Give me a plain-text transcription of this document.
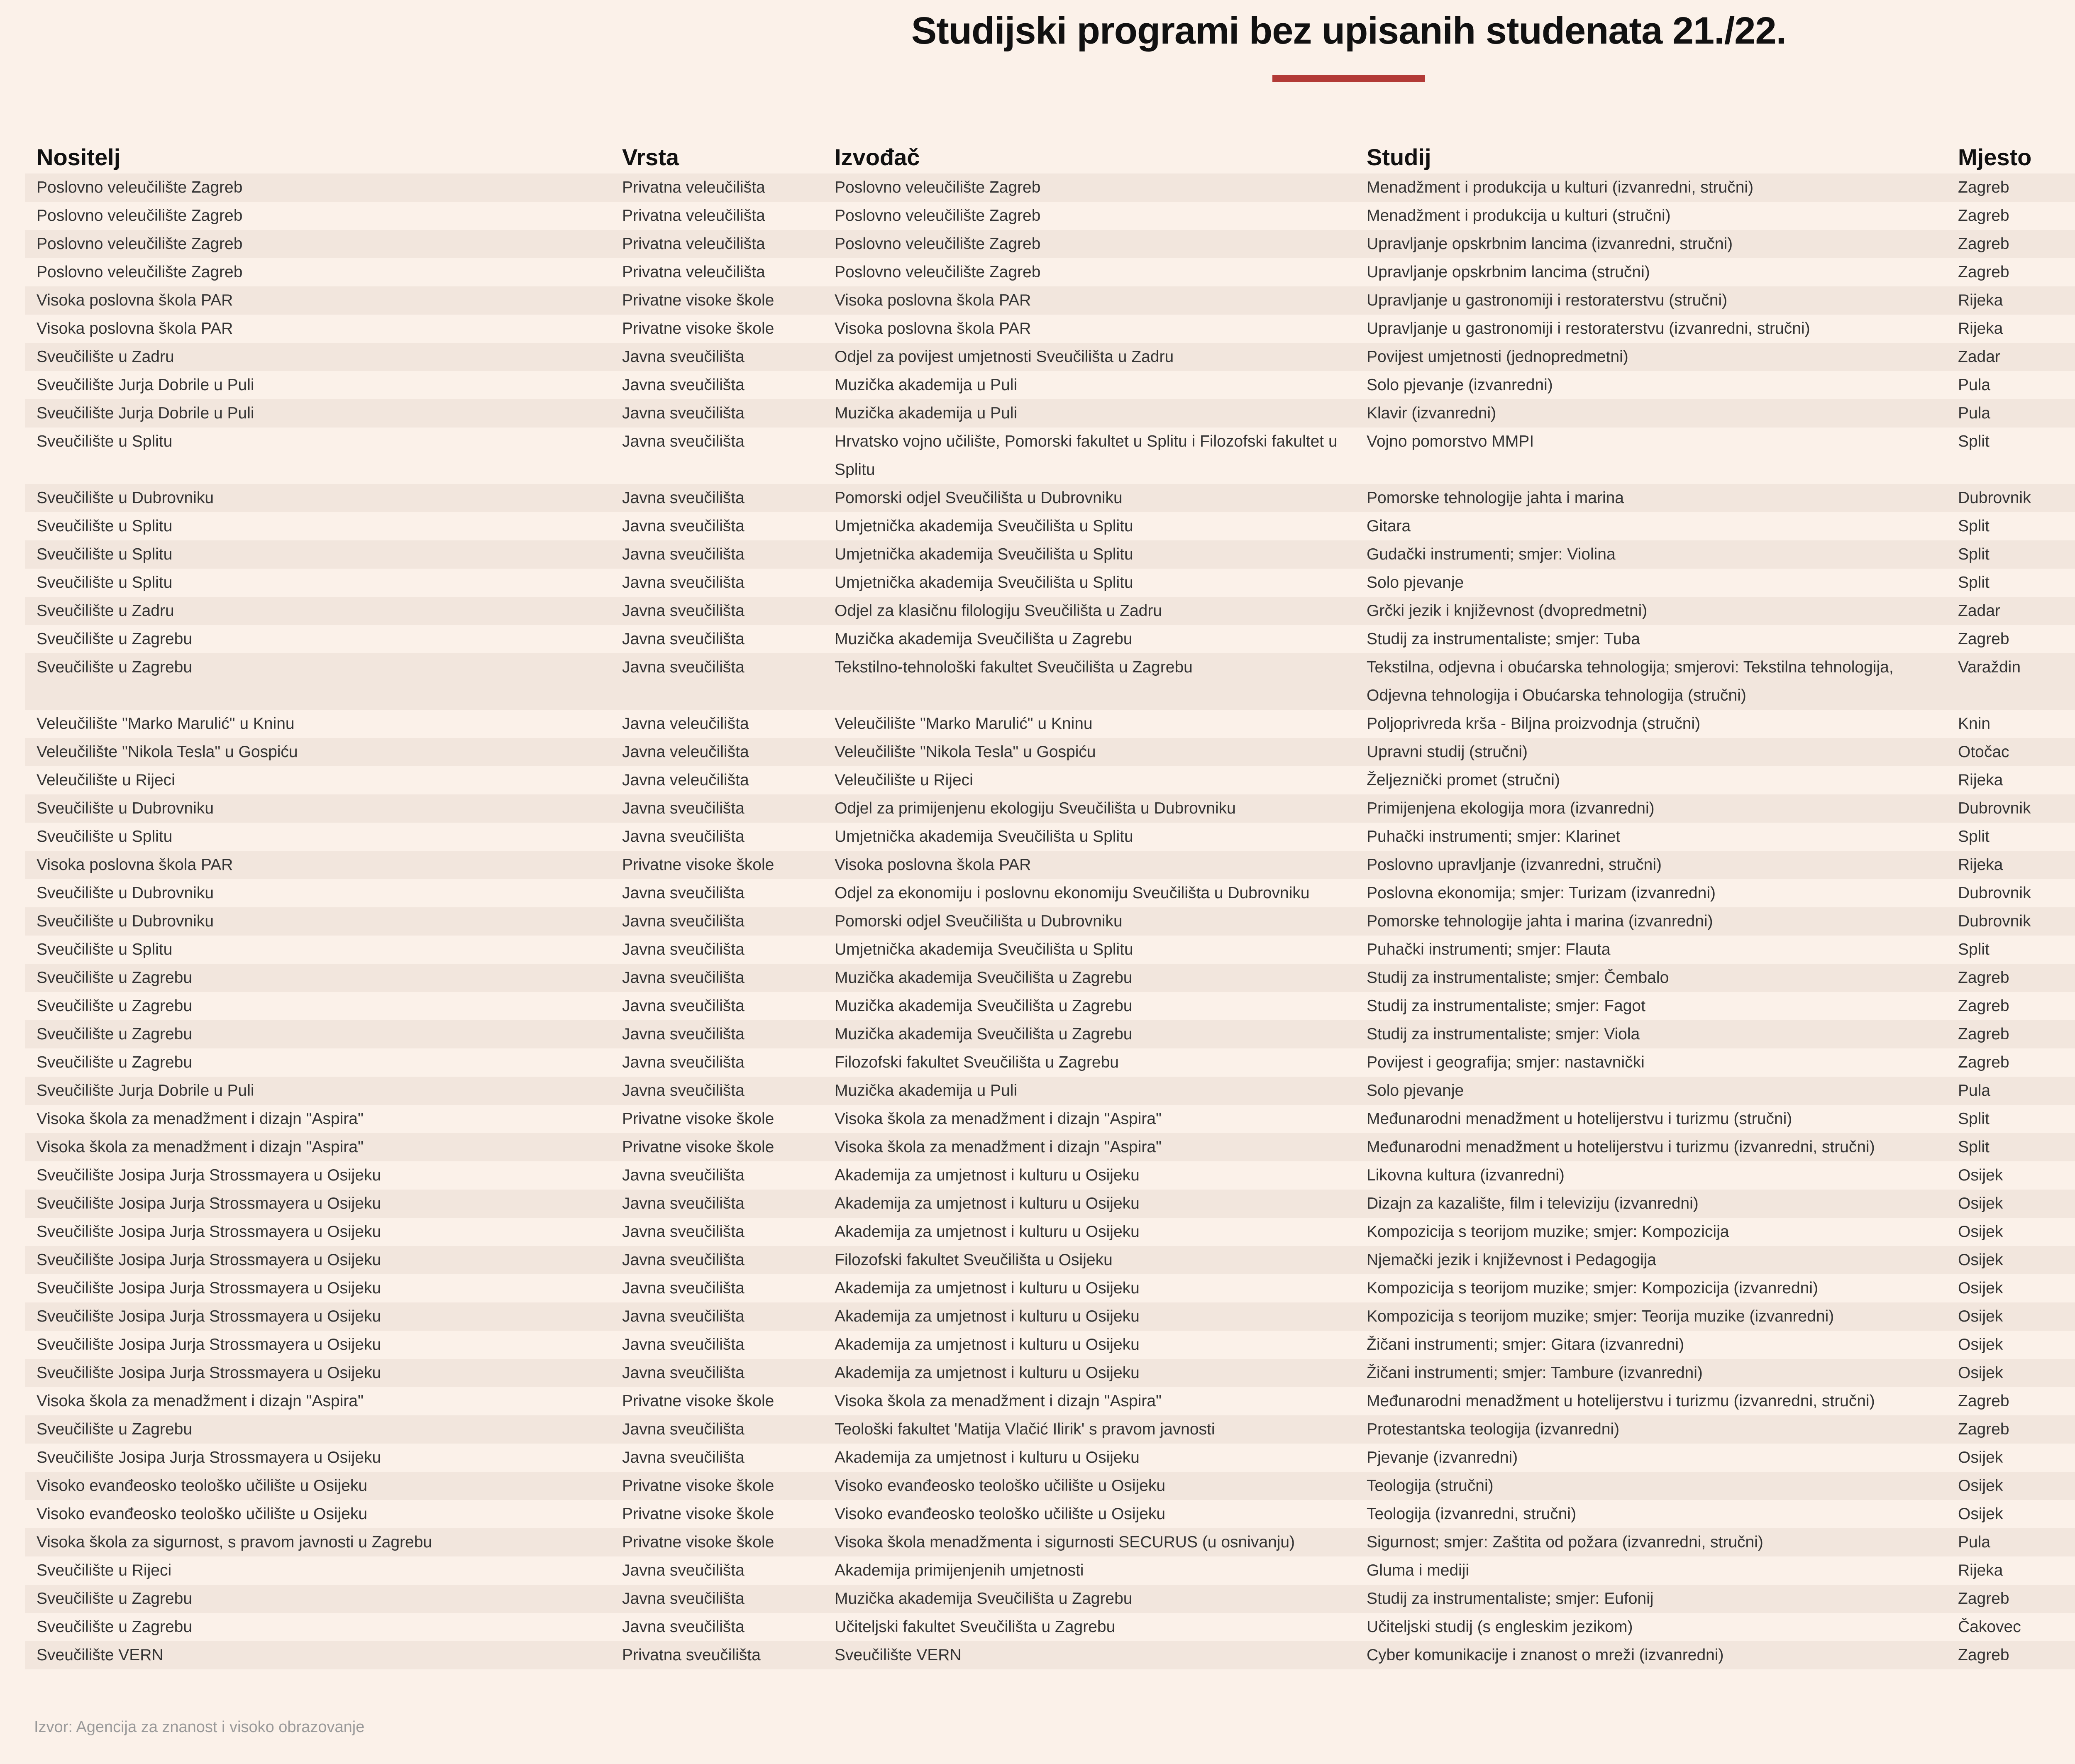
Studijski programi bez upisanih studenata 21./22.
Nositelj	Vrsta	Izvođač	Studij	Mjesto	

Poslovno veleučilište Zagreb	Privatna veleučilišta	Poslovno veleučilište Zagreb	Menadžment i produkcija u kulturi (izvanredni, stručni)	Zagreb				
Poslovno veleučilište Zagreb	Privatna veleučilišta	Poslovno veleučilište Zagreb	Menadžment i produkcija u kulturi (stručni)	Zagreb				
Poslovno veleučilište Zagreb	Privatna veleučilišta	Poslovno veleučilište Zagreb	Upravljanje opskrbnim lancima (izvanredni, stručni)	Zagreb				
Poslovno veleučilište Zagreb	Privatna veleučilišta	Poslovno veleučilište Zagreb	Upravljanje opskrbnim lancima (stručni)	Zagreb				
Visoka poslovna škola PAR	Privatne visoke škole	Visoka poslovna škola PAR	Upravljanje u gastronomiji i restoraterstvu (stručni)	Rijeka				
Visoka poslovna škola PAR	Privatne visoke škole	Visoka poslovna škola PAR	Upravljanje u gastronomiji i restoraterstvu (izvanredni, stručni)	Rijeka				
Sveučilište u Zadru	Javna sveučilišta	Odjel za povijest umjetnosti Sveučilišta u Zadru	Povijest umjetnosti (jednopredmetni)	Zadar				
Sveučilište Jurja Dobrile u Puli	Javna sveučilišta	Muzička akademija u Puli	Solo pjevanje (izvanredni)	Pula				
Sveučilište Jurja Dobrile u Puli	Javna sveučilišta	Muzička akademija u Puli	Klavir (izvanredni)	Pula				
Sveučilište u Splitu	Javna sveučilišta	Hrvatsko vojno učilište, Pomorski fakultet u Splitu i Filozofski fakultet u Splitu	Vojno pomorstvo MMPI	Split				
Sveučilište u Dubrovniku	Javna sveučilišta	Pomorski odjel Sveučilišta u Dubrovniku	Pomorske tehnologije jahta i marina	Dubrovnik				
Sveučilište u Splitu	Javna sveučilišta	Umjetnička akademija Sveučilišta u Splitu	Gitara	Split				
Sveučilište u Splitu	Javna sveučilišta	Umjetnička akademija Sveučilišta u Splitu	Gudački instrumenti; smjer: Violina	Split				
Sveučilište u Splitu	Javna sveučilišta	Umjetnička akademija Sveučilišta u Splitu	Solo pjevanje	Split				
Sveučilište u Zadru	Javna sveučilišta	Odjel za klasičnu filologiju Sveučilišta u Zadru	Grčki jezik i književnost (dvopredmetni)	Zadar				
Sveučilište u Zagrebu	Javna sveučilišta	Muzička akademija Sveučilišta u Zagrebu	Studij za instrumentaliste; smjer: Tuba	Zagreb				
Sveučilište u Zagrebu	Javna sveučilišta	Tekstilno-tehnološki fakultet Sveučilišta u Zagrebu	Tekstilna, odjevna i obućarska tehnologija; smjerovi: Tekstilna tehnologija, Odjevna tehnologija i Obućarska tehnologija (stručni)	Varaždin				
Veleučilište "Marko Marulić" u Kninu	Javna veleučilišta	Veleučilište "Marko Marulić" u Kninu	Poljoprivreda krša - Biljna proizvodnja (stručni)	Knin				
Veleučilište "Nikola Tesla" u Gospiću	Javna veleučilišta	Veleučilište "Nikola Tesla" u Gospiću	Upravni studij (stručni)	Otočac				
Veleučilište u Rijeci	Javna veleučilišta	Veleučilište u Rijeci	Željeznički promet (stručni)	Rijeka				
Sveučilište u Dubrovniku	Javna sveučilišta	Odjel za primijenjenu ekologiju Sveučilišta u Dubrovniku	Primijenjena ekologija mora (izvanredni)	Dubrovnik				
Sveučilište u Splitu	Javna sveučilišta	Umjetnička akademija Sveučilišta u Splitu	Puhački instrumenti; smjer: Klarinet	Split				
Visoka poslovna škola PAR	Privatne visoke škole	Visoka poslovna škola PAR	Poslovno upravljanje (izvanredni, stručni)	Rijeka				
Sveučilište u Dubrovniku	Javna sveučilišta	Odjel za ekonomiju i poslovnu ekonomiju Sveučilišta u Dubrovniku	Poslovna ekonomija; smjer: Turizam (izvanredni)	Dubrovnik				
Sveučilište u Dubrovniku	Javna sveučilišta	Pomorski odjel Sveučilišta u Dubrovniku	Pomorske tehnologije jahta i marina (izvanredni)	Dubrovnik				
Sveučilište u Splitu	Javna sveučilišta	Umjetnička akademija Sveučilišta u Splitu	Puhački instrumenti; smjer: Flauta	Split				
Sveučilište u Zagrebu	Javna sveučilišta	Muzička akademija Sveučilišta u Zagrebu	Studij za instrumentaliste; smjer: Čembalo	Zagreb				
Sveučilište u Zagrebu	Javna sveučilišta	Muzička akademija Sveučilišta u Zagrebu	Studij za instrumentaliste; smjer: Fagot	Zagreb				
Sveučilište u Zagrebu	Javna sveučilišta	Muzička akademija Sveučilišta u Zagrebu	Studij za instrumentaliste; smjer: Viola	Zagreb				
Sveučilište u Zagrebu	Javna sveučilišta	Filozofski fakultet Sveučilišta u Zagrebu	Povijest i geografija; smjer: nastavnički	Zagreb				
Sveučilište Jurja Dobrile u Puli	Javna sveučilišta	Muzička akademija u Puli	Solo pjevanje	Pula				
Visoka škola za menadžment i dizajn "Aspira"	Privatne visoke škole	Visoka škola za menadžment i dizajn "Aspira"	Međunarodni menadžment u hotelijerstvu i turizmu (stručni)	Split				
Visoka škola za menadžment i dizajn "Aspira"	Privatne visoke škole	Visoka škola za menadžment i dizajn "Aspira"	Međunarodni menadžment u hotelijerstvu i turizmu (izvanredni, stručni)	Split				
Sveučilište Josipa Jurja Strossmayera u Osijeku	Javna sveučilišta	Akademija za umjetnost i kulturu u Osijeku	Likovna kultura (izvanredni)	Osijek				
Sveučilište Josipa Jurja Strossmayera u Osijeku	Javna sveučilišta	Akademija za umjetnost i kulturu u Osijeku	Dizajn za kazalište, film i televiziju (izvanredni)	Osijek				
Sveučilište Josipa Jurja Strossmayera u Osijeku	Javna sveučilišta	Akademija za umjetnost i kulturu u Osijeku	Kompozicija s teorijom muzike; smjer: Kompozicija	Osijek				
Sveučilište Josipa Jurja Strossmayera u Osijeku	Javna sveučilišta	Filozofski fakultet Sveučilišta u Osijeku	Njemački jezik i književnost i Pedagogija	Osijek				
Sveučilište Josipa Jurja Strossmayera u Osijeku	Javna sveučilišta	Akademija za umjetnost i kulturu u Osijeku	Kompozicija s teorijom muzike; smjer: Kompozicija (izvanredni)	Osijek				
Sveučilište Josipa Jurja Strossmayera u Osijeku	Javna sveučilišta	Akademija za umjetnost i kulturu u Osijeku	Kompozicija s teorijom muzike; smjer: Teorija muzike (izvanredni)	Osijek				
Sveučilište Josipa Jurja Strossmayera u Osijeku	Javna sveučilišta	Akademija za umjetnost i kulturu u Osijeku	Žičani instrumenti; smjer: Gitara (izvanredni)	Osijek				
Sveučilište Josipa Jurja Strossmayera u Osijeku	Javna sveučilišta	Akademija za umjetnost i kulturu u Osijeku	Žičani instrumenti; smjer: Tambure (izvanredni)	Osijek				
Visoka škola za menadžment i dizajn "Aspira"	Privatne visoke škole	Visoka škola za menadžment i dizajn "Aspira"	Međunarodni menadžment u hotelijerstvu i turizmu (izvanredni, stručni)	Zagreb				
Sveučilište u Zagrebu	Javna sveučilišta	Teološki fakultet 'Matija Vlačić Ilirik' s pravom javnosti	Protestantska teologija (izvanredni)	Zagreb				
Sveučilište Josipa Jurja Strossmayera u Osijeku	Javna sveučilišta	Akademija za umjetnost i kulturu u Osijeku	Pjevanje (izvanredni)	Osijek				
Visoko evanđeosko teološko učilište u Osijeku	Privatne visoke škole	Visoko evanđeosko teološko učilište u Osijeku	Teologija (stručni)	Osijek				
Visoko evanđeosko teološko učilište u Osijeku	Privatne visoke škole	Visoko evanđeosko teološko učilište u Osijeku	Teologija (izvanredni, stručni)	Osijek				
Visoka škola za sigurnost, s pravom javnosti u Zagrebu	Privatne visoke škole	Visoka škola menadžmenta i sigurnosti SECURUS (u osnivanju)	Sigurnost; smjer: Zaštita od požara (izvanredni, stručni)	Pula				
Sveučilište u Rijeci	Javna sveučilišta	Akademija primijenjenih umjetnosti	Gluma i mediji	Rijeka				
Sveučilište u Zagrebu	Javna sveučilišta	Muzička akademija Sveučilišta u Zagrebu	Studij za instrumentaliste; smjer: Eufonij	Zagreb				
Sveučilište u Zagrebu	Javna sveučilišta	Učiteljski fakultet Sveučilišta u Zagrebu	Učiteljski studij (s engleskim jezikom)	Čakovec				
Sveučilište VERN	Privatna sveučilišta	Sveučilište VERN	Cyber komunikacije i znanost o mreži (izvanredni)	Zagreb				
Izvor: Agencija za znanost i visoko obrazovanje
